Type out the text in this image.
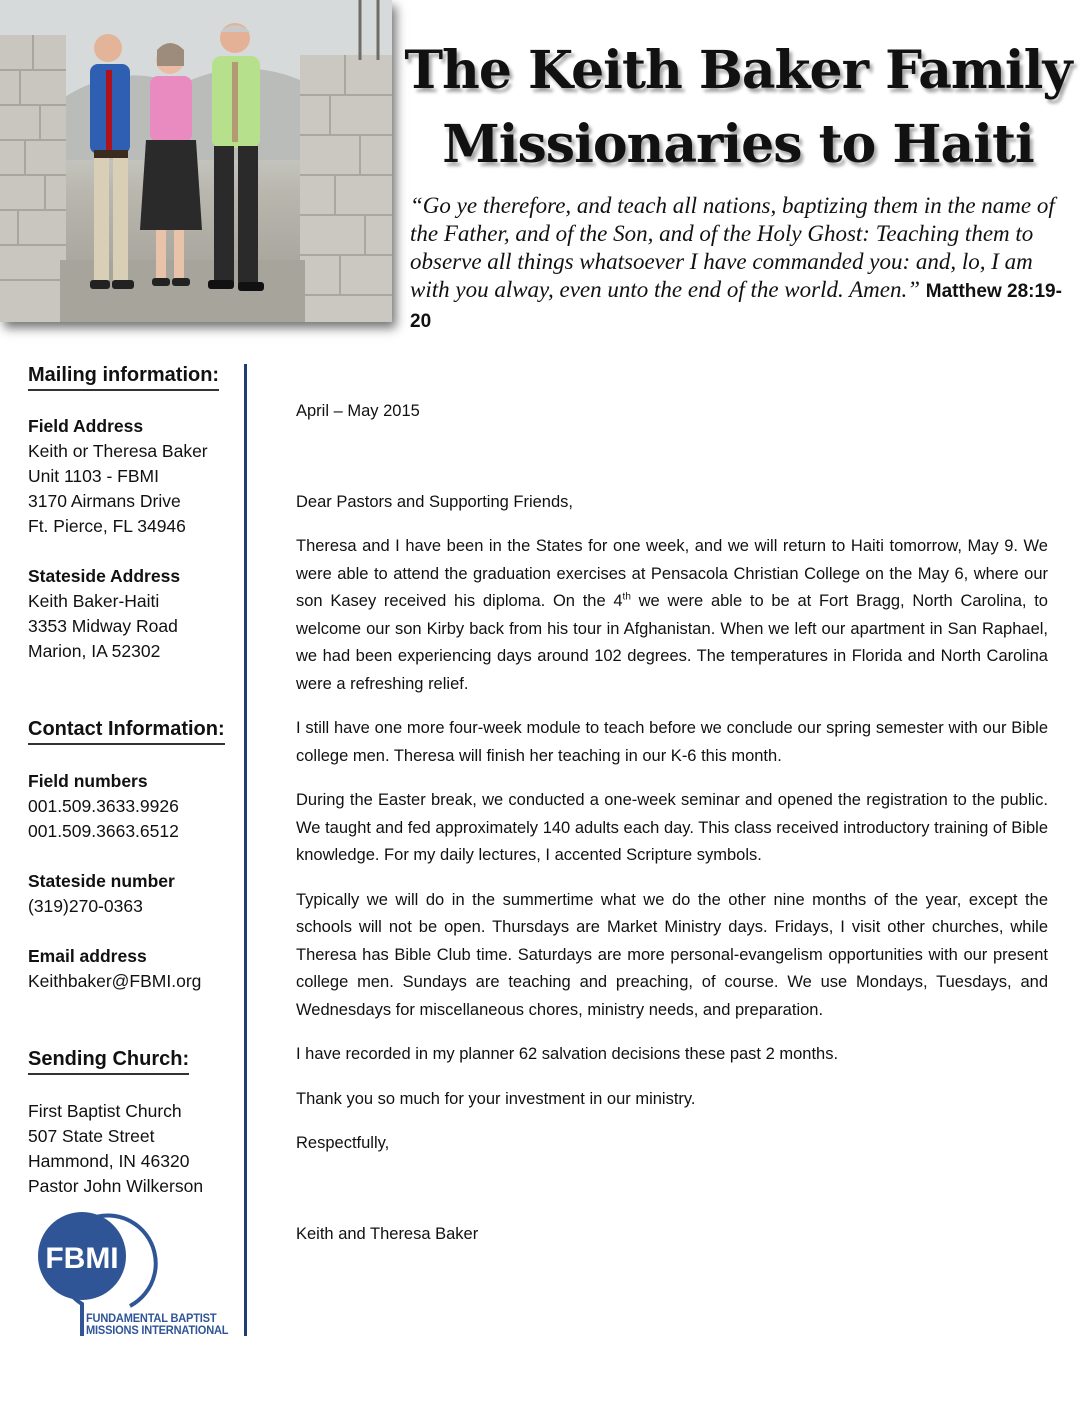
The Keith Baker Family
Missionaries to Haiti
“Go ye therefore, and teach all nations, baptizing them in the name of the Father, and of the Son, and of the Holy Ghost: Teaching them to observe all things whatsoever I have commanded you: and, lo, I am with you alway, even unto the end of the world. Amen.” Matthew 28:19-20
Mailing information:
Field Address
Keith or Theresa Baker
Unit 1103 - FBMI
3170 Airmans Drive
Ft. Pierce, FL 34946
Stateside Address
Keith Baker-Haiti
3353 Midway Road
Marion, IA 52302
Contact Information:
Field numbers
001.509.3633.9926
001.509.3663.6512
Stateside number
(319)270-0363
Email address
Keithbaker@FBMI.org
Sending Church:
First Baptist Church
507 State Street
Hammond, IN 46320
Pastor John Wilkerson
FBMI
FUNDAMENTAL BAPTIST
MISSIONS INTERNATIONAL

April – May 2015

Dear Pastors and Supporting Friends,

Theresa and I have been in the States for one week, and we will return to Haiti tomorrow, May 9. We were able to attend the graduation exercises at Pensacola Christian College on the May 6, where our son Kasey received his diploma. On the 4th we were able to be at Fort Bragg, North Carolina, to welcome our son Kirby back from his tour in Afghanistan. When we left our apartment in San Raphael, we had been experiencing days around 102 degrees. The temperatures in Florida and North Carolina were a refreshing relief.

I still have one more four-week module to teach before we conclude our spring semester with our Bible college men. Theresa will finish her teaching in our K-6 this month.

During the Easter break, we conducted a one-week seminar and opened the registration to the public. We taught and fed approximately 140 adults each day. This class received introductory training of Bible knowledge. For my daily lectures, I accented Scripture symbols.

Typically we will do in the summertime what we do the other nine months of the year, except the schools will not be open. Thursdays are Market Ministry days. Fridays, I visit other churches, while Theresa has Bible Club time. Saturdays are more personal-evangelism opportunities with our present college men. Sundays are teaching and preaching, of course. We use Mondays, Tuesdays, and Wednesdays for miscellaneous chores, ministry needs, and preparation.

I have recorded in my planner 62 salvation decisions these past 2 months.

Thank you so much for your investment in our ministry.

Respectfully,

Keith and Theresa Baker
